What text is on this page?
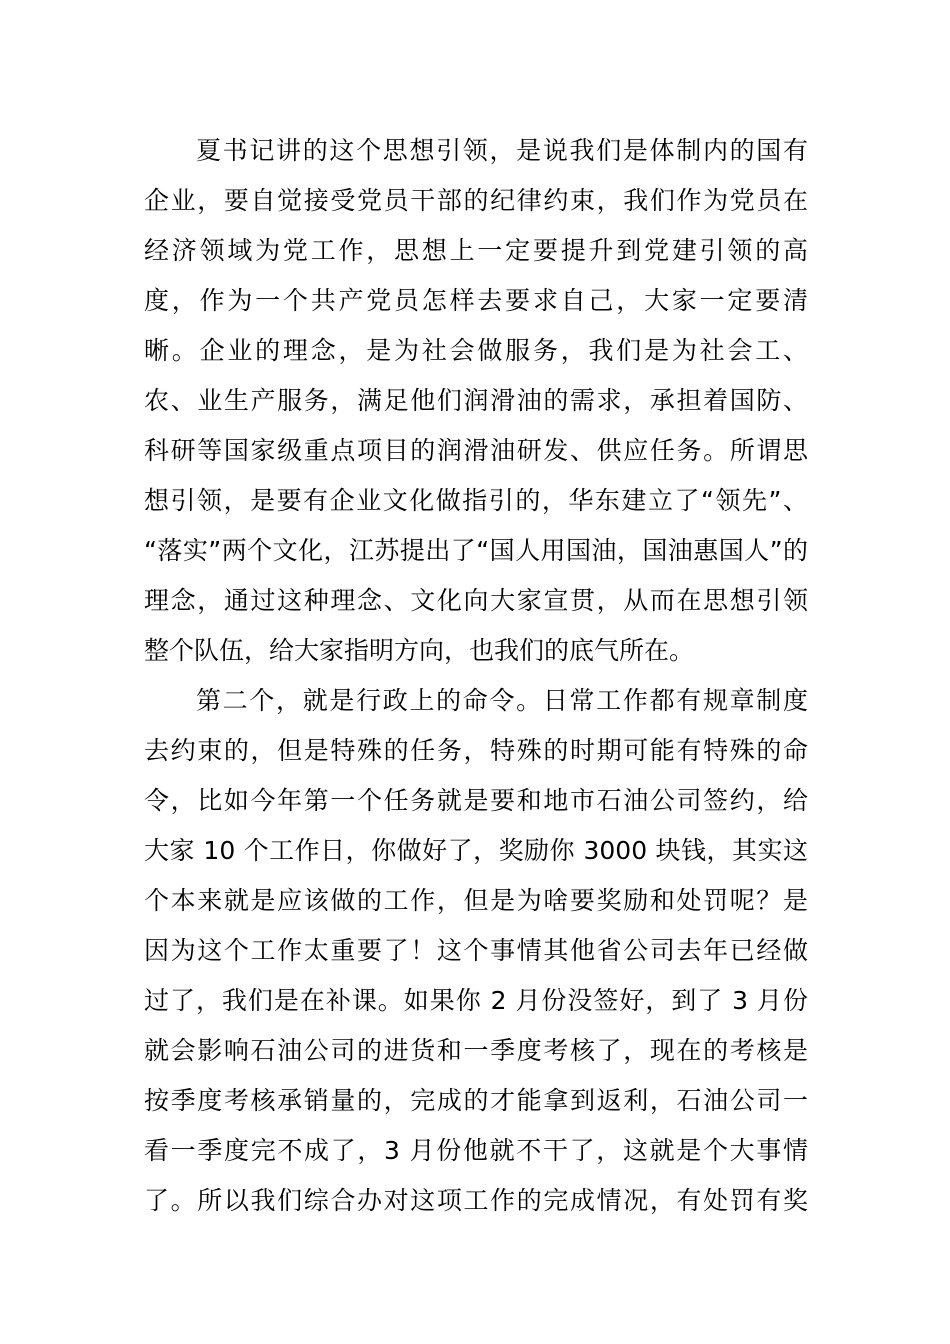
夏书记讲的这个思想引领，是说我们是体制内的国有
企业，要自觉接受党员干部的纪律约束，我们作为党员在
经济领域为党工作，思想上一定要提升到党建引领的高
度，作为一个共产党员怎样去要求自己，大家一定要清
晰。企业的理念，是为社会做服务，我们是为社会工、
农、业生产服务，满足他们润滑油的需求，承担着国防、
科研等国家级重点项目的润滑油研发、供应任务。所谓思
想引领，是要有企业文化做指引的，华东建立了“领先”、
“落实”两个文化，江苏提出了“国人用国油，国油惠国人”的
理念，通过这种理念、文化向大家宣贯，从而在思想引领
整个队伍，给大家指明方向，也我们的底气所在。
第二个，就是行政上的命令。日常工作都有规章制度
去约束的，但是特殊的任务，特殊的时期可能有特殊的命
令，比如今年第一个任务就是要和地市石油公司签约，给
大家 10 个工作日，你做好了，奖励你 3000 块钱，其实这
个本来就是应该做的工作，但是为啥要奖励和处罚呢？是
因为这个工作太重要了！这个事情其他省公司去年已经做
过了，我们是在补课。如果你 2 月份没签好，到了 3 月份
就会影响石油公司的进货和一季度考核了，现在的考核是
按季度考核承销量的，完成的才能拿到返利，石油公司一
看一季度完不成了，3 月份他就不干了，这就是个大事情
了。所以我们综合办对这项工作的完成情况，有处罚有奖
